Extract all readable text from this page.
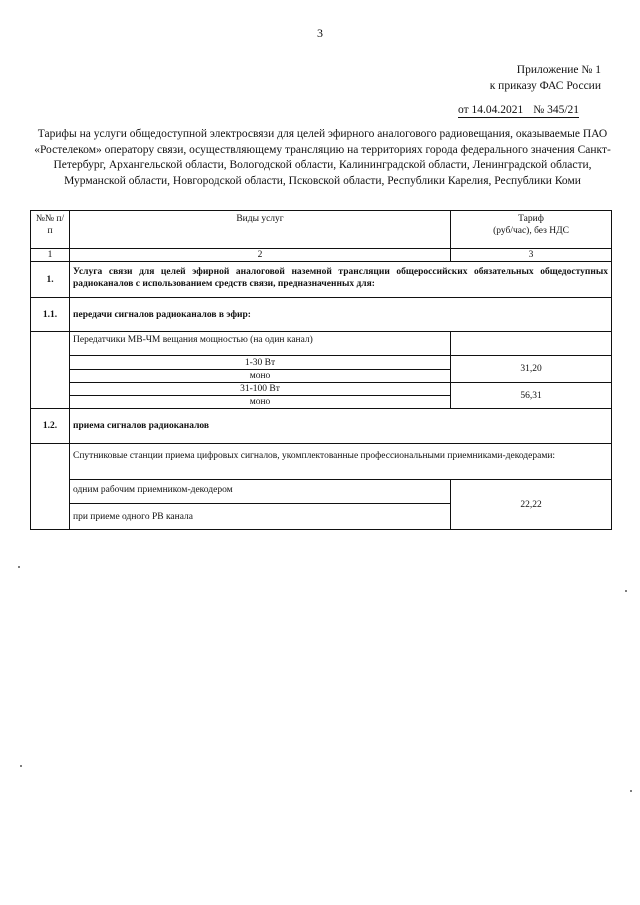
3
Приложение № 1
к приказу ФАС России
от 14.04.2021 № 345/21
Тарифы на услуги общедоступной электросвязи для целей эфирного аналогового радиовещания, оказываемые ПАО «Ростелеком» оператору связи, осуществляющему трансляцию на территориях города федерального значения Санкт-Петербург, Архангельской области, Вологодской области, Калининградской области, Ленинградской области, Мурманской области, Новгородской области, Псковской области, Республики Карелия, Республики Коми
№№ п/п	Виды услуг	Тариф
(руб/час), без НДС

1	2	3
1.	Услуга связи для целей эфирной аналоговой наземной трансляции общероссийских обязательных общедоступных радиоканалов с использованием средств связи, предназначенных для:	
1.1.	передачи сигналов радиоканалов в эфир:	
	Передатчики МВ-ЧМ вещания мощностью (на один канал)	
	1-30 Вт	31,20
	моно	
	31-100 Вт	56,31
	моно	
1.2.	приема сигналов радиоканалов	
	Спутниковые станции приема цифровых сигналов, укомплектованные профессиональными приемниками-декодерами:	
	одним рабочим приемником-декодером	22,22
	при приеме одного РВ канала	
